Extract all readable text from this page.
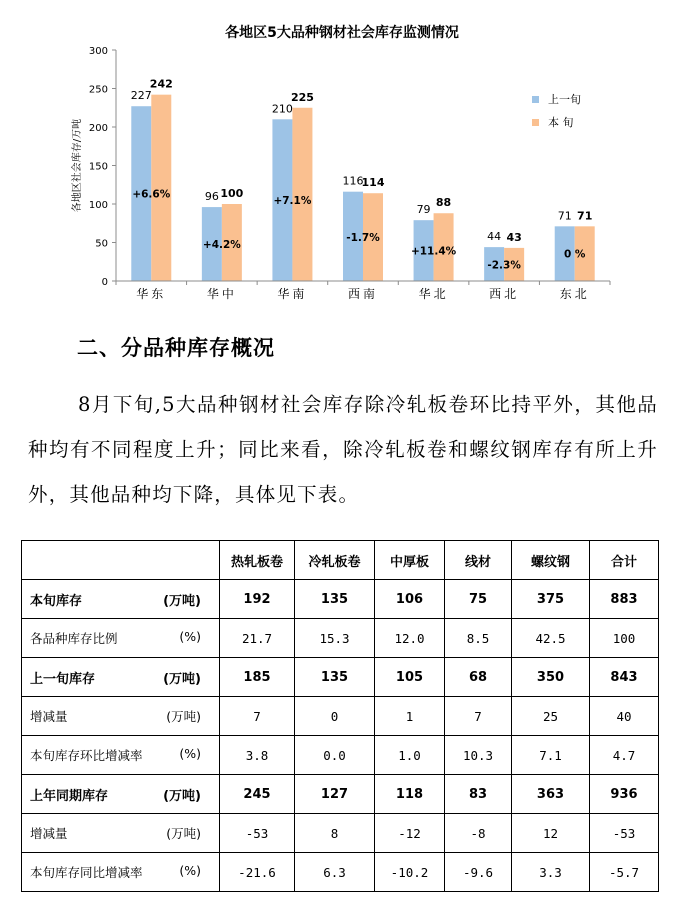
各地区5大品种钢材社会库存监测情况
0
50
100
150
200
250
300
各地区社会库存/万吨
227
242
+6.6%
华东
96 100
+4.2%
华中
210
225
+7.1%
华南
116
114
-1.7%
西南
79
88
+11.4%
华北
44 43
-2.3%
西北
71 71
0 %
东北
上一旬
本 旬
二、分品种库存概况

8月下旬,5大品种钢材社会库存除冷轧板卷环比持平外，其他品种均有不同程度上升；同比来看，除冷轧板卷和螺纹钢库存有所上升外，其他品种均下降，具体见下表。

	热轧板卷	冷轧板卷	中厚板	线材	螺纹钢	合计

本旬库存 (万吨)	192	135	106	75	375	883

各品种库存比例 (%)	21.7	15.3	12.0	8.5	42.5	100

上一旬库存 (万吨)	185	135	105	68	350	843

增减量 (万吨)	7	0	1	7	25	40

本旬库存环比增减率 (%)	3.8	0.0	1.0	10.3	7.1	4.7

上年同期库存 (万吨)	245	127	118	83	363	936

增减量 (万吨)	-53	8	-12	-8	12	-53

本旬库存同比增减率 (%)	-21.6	6.3	-10.2	-9.6	3.3	-5.7
